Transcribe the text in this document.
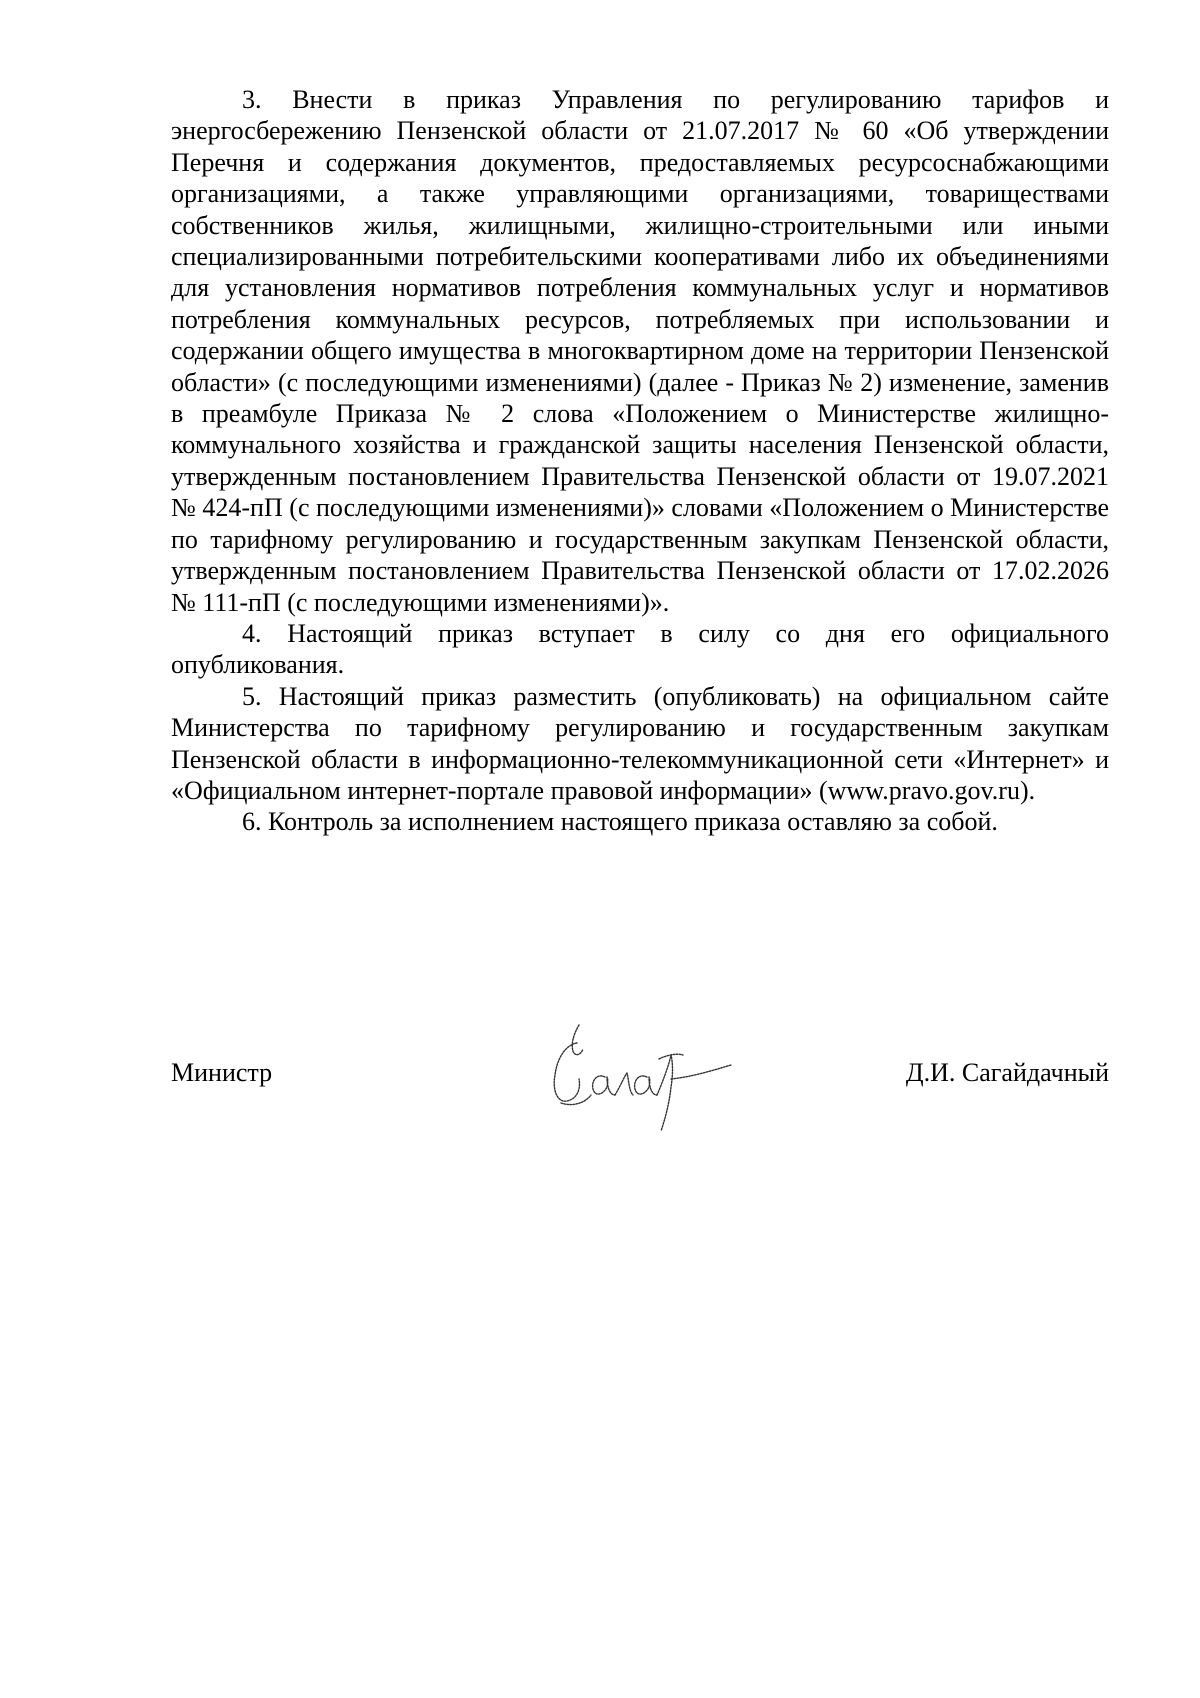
3. Внести в приказ Управления по регулированию тарифов и энергосбережению Пензенской области от 21.07.2017 № 60 «Об утверждении Перечня и содержания документов, предоставляемых ресурсоснабжающими организациями, а также управляющими организациями, товариществами собственников жилья, жилищными, жилищно-строительными или иными специализированными потребительскими кооперативами либо их объединениями для установления нормативов потребления коммунальных услуг и нормативов потребления коммунальных ресурсов, потребляемых при использовании и содержании общего имущества в многоквартирном доме на территории Пензенской области» (с последующими изменениями) (далее - Приказ № 2) изменение, заменив в преамбуле Приказа № 2 слова «Положением о Министерстве жилищно-коммунального хозяйства и гражданской защиты населения Пензенской области, утвержденным постановлением Правительства Пензенской области от 19.07.2021 № 424-пП (с последующими изменениями)» словами «Положением о Министерстве по тарифному регулированию и государственным закупкам Пензенской области, утвержденным постановлением Правительства Пензенской области от 17.02.2026 № 111-пП (с последующими изменениями)».

4. Настоящий приказ вступает в силу со дня его официального опубликования.

5. Настоящий приказ разместить (опубликовать) на официальном сайте Министерства по тарифному регулированию и государственным закупкам Пензенской области в информационно-телекоммуникационной сети «Интернет» и «Официальном интернет-портале правовой информации» (www.pravo.gov.ru).

6. Контроль за исполнением настоящего приказа оставляю за собой.

Министр	Д.И. Сагайдачный
